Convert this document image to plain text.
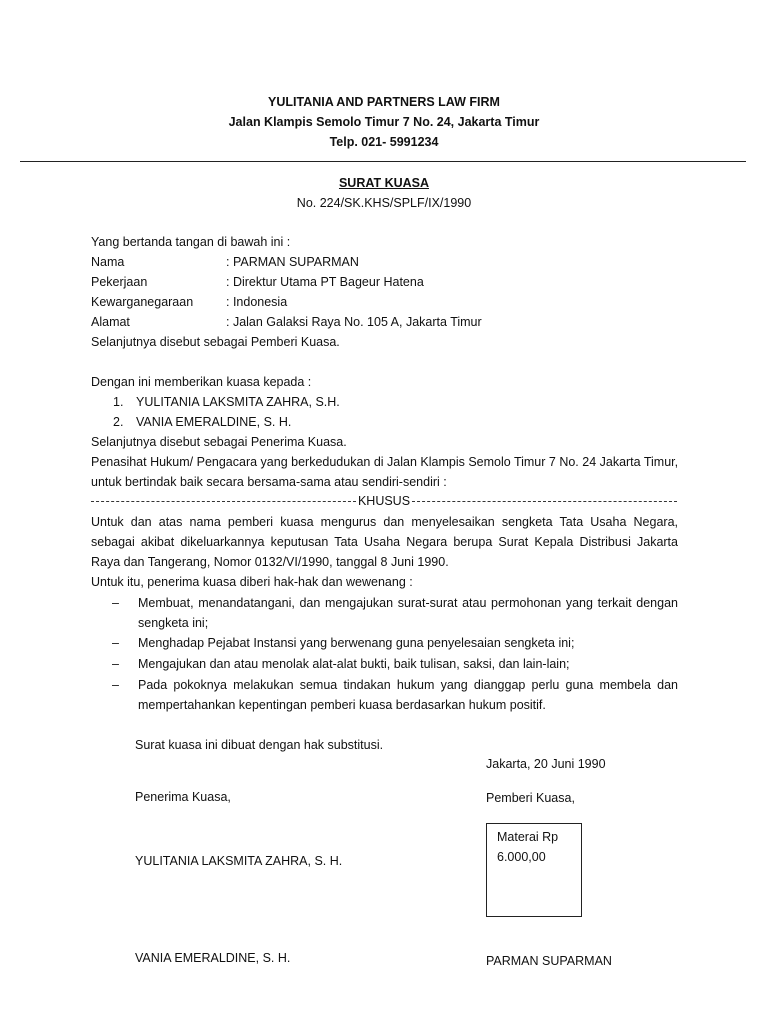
YULITANIA AND PARTNERS LAW FIRM
Jalan Klampis Semolo Timur 7 No. 24, Jakarta Timur
Telp. 021- 5991234
SURAT KUASA
No. 224/SK.KHS/SPLF/IX/1990
Yang bertanda tangan di bawah ini :
Nama	: PARMAN SUPARMAN
Pekerjaan	: Direktur Utama PT Bageur Hatena
Kewarganegaraan	: Indonesia
Alamat	: Jalan Galaksi Raya No. 105 A, Jakarta Timur
Selanjutnya disebut sebagai Pemberi Kuasa.
Dengan ini memberikan kuasa kepada :
1. YULITANIA LAKSMITA ZAHRA, S.H.
2. VANIA EMERALDINE, S. H.
Selanjutnya disebut sebagai Penerima Kuasa.
Penasihat Hukum/ Pengacara yang berkedudukan di Jalan Klampis Semolo Timur 7 No. 24 Jakarta Timur,
untuk bertindak baik secara bersama-sama atau sendiri-sendiri :
KHUSUS
Untuk dan atas nama pemberi kuasa mengurus dan menyelesaikan sengketa Tata Usaha Negara, sebagai akibat dikeluarkannya keputusan Tata Usaha Negara berupa Surat Kepala Distribusi Jakarta Raya dan Tangerang, Nomor 0132/VI/1990, tanggal 8 Juni 1990.
Untuk itu, penerima kuasa diberi hak-hak dan wewenang :
– Membuat, menandatangani, dan mengajukan surat-surat atau permohonan yang terkait dengan sengketa ini;
– Menghadap Pejabat Instansi yang berwenang guna penyelesaian sengketa ini;
– Mengajukan dan atau menolak alat-alat bukti, baik tulisan, saksi, dan lain-lain;
– Pada pokoknya melakukan semua tindakan hukum yang dianggap perlu guna membela dan mempertahankan kepentingan pemberi kuasa berdasarkan hukum positif.
Surat kuasa ini dibuat dengan hak substitusi.
Jakarta, 20 Juni 1990
Penerima Kuasa,	Pemberi Kuasa,
Materai Rp
6.000,00
YULITANIA LAKSMITA ZAHRA, S. H.
VANIA EMERALDINE, S. H.	PARMAN SUPARMAN
